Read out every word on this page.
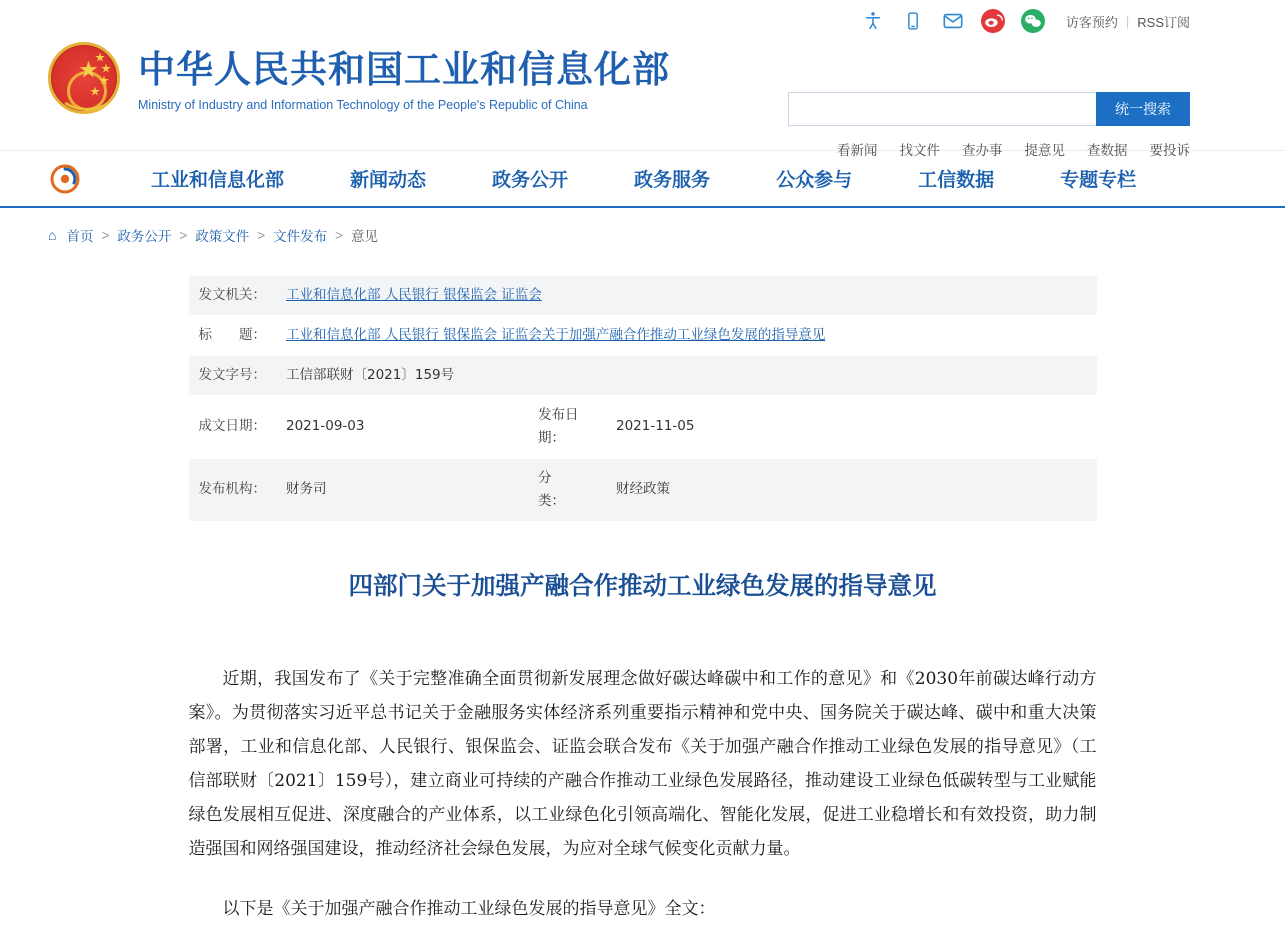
访客预约 | RSS订阅
★
★
★
★
★
中华人民共和国工业和信息化部
Ministry of Industry and Information Technology of the People's Republic of China	统一搜索
看新闻 找文件 查办事 提意见 查数据 要投诉
工业和信息化部	新闻动态	政务公开	政务服务	公众参与	工信数据	专题专栏
⌂ 首页 > 政务公开 > 政策文件 > 文件发布 > 意见
发文机关：	工业和信息化部 人民银行 银保监会 证监会		
标　　题：	工业和信息化部 人民银行 银保监会 证监会关于加强产融合作推动工业绿色发展的指导意见		
发文字号：	工信部联财〔2021〕159号		
成文日期：	2021-09-03	发布日期：	2021-11-05
发布机构：	财务司	分　　类：	财经政策
四部门关于加强产融合作推动工业绿色发展的指导意见

近期，我国发布了《关于完整准确全面贯彻新发展理念做好碳达峰碳中和工作的意见》和《2030年前碳达峰行动方案》。为贯彻落实习近平总书记关于金融服务实体经济系列重要指示精神和党中央、国务院关于碳达峰、碳中和重大决策部署，工业和信息化部、人民银行、银保监会、证监会联合发布《关于加强产融合作推动工业绿色发展的指导意见》（工信部联财〔2021〕159号），建立商业可持续的产融合作推动工业绿色发展路径，推动建设工业绿色低碳转型与工业赋能绿色发展相互促进、深度融合的产业体系，以工业绿色化引领高端化、智能化发展，促进工业稳增长和有效投资，助力制造强国和网络强国建设，推动经济社会绿色发展，为应对全球气候变化贡献力量。

以下是《关于加强产融合作推动工业绿色发展的指导意见》全文：
